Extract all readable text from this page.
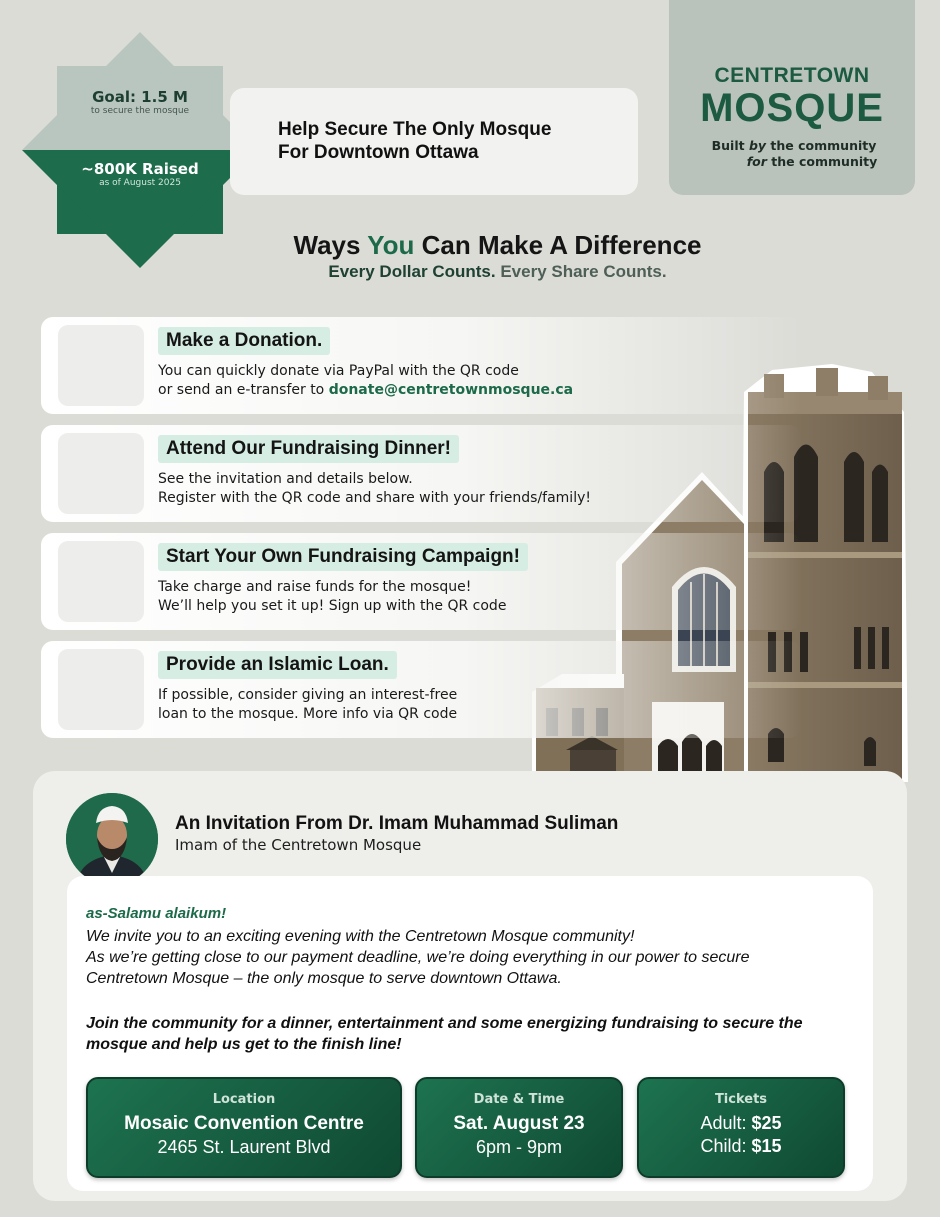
Goal: 1.5 M
to secure the mosque
~800K Raised
as of August 2025
Help Secure The Only Mosque
For Downtown Ottawa
CENTRETOWN
MOSQUE
Built by the community
for the community
Ways You Can Make A Difference
Every Dollar Counts. Every Share Counts.
Make a Donation.
You can quickly donate via PayPal with the QR code
or send an e-transfer to donate@centretownmosque.ca
Attend Our Fundraising Dinner!
See the invitation and details below.
Register with the QR code and share with your friends/family!
Start Your Own Fundraising Campaign!
Take charge and raise funds for the mosque!
We’ll help you set it up! Sign up with the QR code
Provide an Islamic Loan.
If possible, consider giving an interest-free
loan to the mosque. More info via QR code
An Invitation From Dr. Imam Muhammad Suliman
Imam of the Centretown Mosque
as-Salamu alaikum!
We invite you to an exciting evening with the Centretown Mosque community!
As we’re getting close to our payment deadline, we’re doing everything in our power to secure
Centretown Mosque – the only mosque to serve downtown Ottawa.
Join the community for a dinner, entertainment and some energizing fundraising to secure the
mosque and help us get to the finish line!
Location
Mosaic Convention Centre
2465 St. Laurent Blvd
Date & Time
Sat. August 23
6pm - 9pm
Tickets
Adult: $25
Child: $15
